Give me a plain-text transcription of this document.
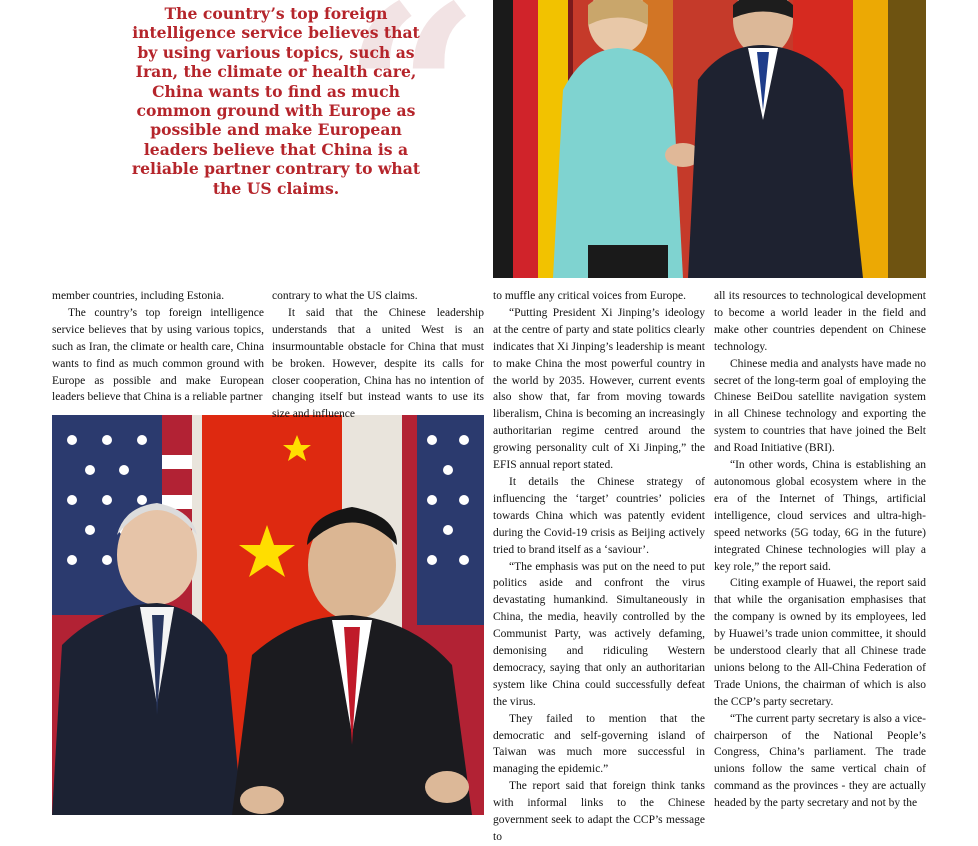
“
The country’s top foreign intelligence service believes that by using various topics, such as Iran, the climate or health care, China wants to find as much common ground with Europe as possible and make European leaders believe that China is a reliable partner contrary to what the US claims.

member countries, including Estonia.

The country’s top foreign intelligence service believes that by using various topics, such as Iran, the climate or health care, China wants to find as much common ground with Europe as possible and make European leaders believe that China is a reliable partner

contrary to what the US claims.

It said that the Chinese leadership understands that a united West is an insurmountable obstacle for China that must be broken. However, despite its calls for closer cooperation, China has no intention of changing itself but instead wants to use its size and influence

to muffle any critical voices from Europe.

“Putting President Xi Jinping’s ideology at the centre of party and state politics clearly indicates that Xi Jinping’s leadership is meant to make China the most powerful country in the world by 2035. However, current events also show that, far from moving towards liberalism, China is becoming an increasingly authoritarian regime centred around the growing personality cult of Xi Jinping,” the EFIS annual report stated.

It details the Chinese strategy of influencing the ‘target’ countries’ policies towards China which was patently evident during the Covid-19 crisis as Beijing actively tried to brand itself as a ‘saviour’.

“The emphasis was put on the need to put politics aside and confront the virus devastating humankind. Simultaneously in China, the media, heavily controlled by the Communist Party, was actively defaming, demonising and ridiculing Western democracy, saying that only an authoritarian system like China could successfully defeat the virus.

They failed to mention that the democratic and self-governing island of Taiwan was much more successful in managing the epidemic.”

The report said that foreign think tanks with informal links to the Chinese government seek to adapt the CCP’s message to

all its resources to technological development to become a world leader in the field and make other countries dependent on Chinese technology.

Chinese media and analysts have made no secret of the long-term goal of employing the Chinese BeiDou satellite navigation system in all Chinese technology and exporting the system to countries that have joined the Belt and Road Initiative (BRI).

“In other words, China is establishing an autonomous global ecosystem where in the era of the Internet of Things, artificial intelligence, cloud services and ultra-high-speed networks (5G today, 6G in the future) integrated Chinese technologies will play a key role,” the report said.

Citing example of Huawei, the report said that while the organisation emphasises that the company is owned by its employees, led by Huawei’s trade union committee, it should be understood clearly that all Chinese trade unions belong to the All-China Federation of Trade Unions, the chairman of which is also the CCP’s party secretary.

“The current party secretary is also a vice-chairperson of the National People’s Congress, China’s parliament. The trade unions follow the same vertical chain of command as the provinces - they are actually headed by the party secretary and not by the
